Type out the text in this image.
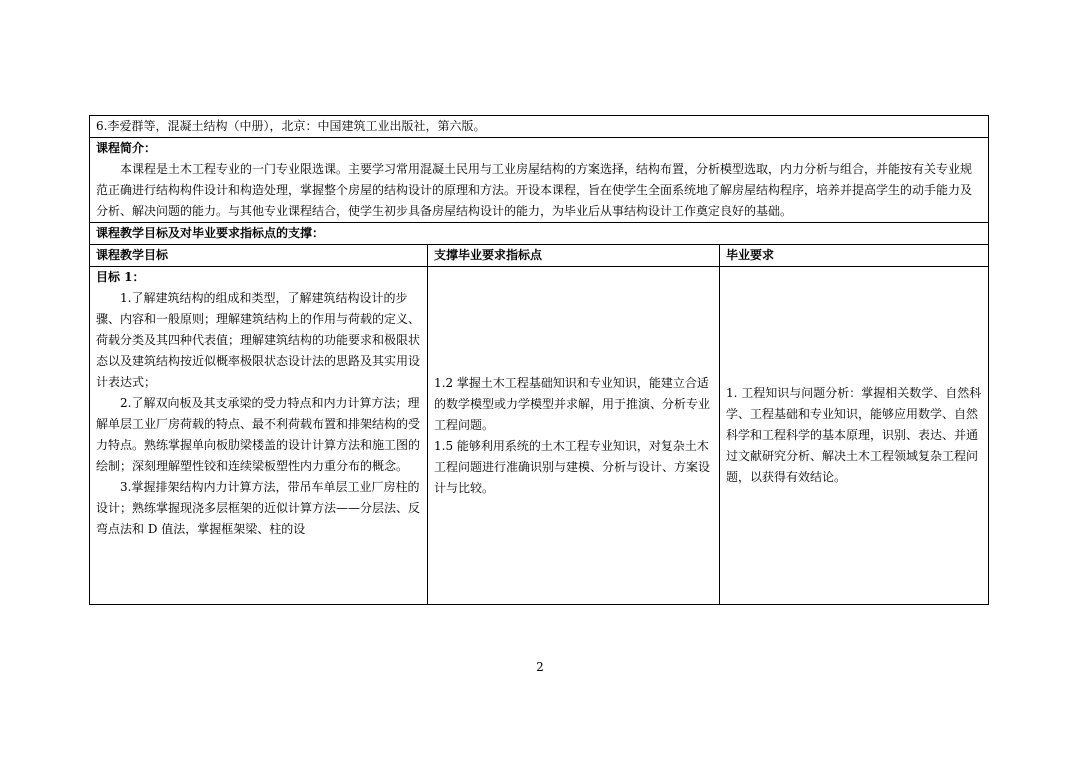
6.李爱群等，混凝土结构（中册），北京：中国建筑工业出版社，第六版。
课程简介：
本课程是土木工程专业的一门专业限选课。主要学习常用混凝土民用与工业房屋结构的方案选择，结构布置，分析模型选取，内力分析与组合，并能按有关专业规范正确进行结构构件设计和构造处理，掌握整个房屋的结构设计的原理和方法。开设本课程，旨在使学生全面系统地了解房屋结构程序，培养并提高学生的动手能力及分析、解决问题的能力。与其他专业课程结合，使学生初步具备房屋结构设计的能力，为毕业后从事结构设计工作奠定良好的基础。
课程教学目标及对毕业要求指标点的支撑：
课程教学目标	支撑毕业要求指标点	毕业要求

目标 1：

1.了解建筑结构的组成和类型，了解建筑结构设计的步骤、内容和一般原则；理解建筑结构上的作用与荷载的定义、荷载分类及其四种代表值；理解建筑结构的功能要求和极限状态以及建筑结构按近似概率极限状态设计法的思路及其实用设计表达式；

2.了解双向板及其支承梁的受力特点和内力计算方法；理解单层工业厂房荷载的特点、最不利荷载布置和排架结构的受力特点。熟练掌握单向板肋梁楼盖的设计计算方法和施工图的绘制；深刻理解塑性铰和连续梁板塑性内力重分布的概念。

3.掌握排架结构内力计算方法，带吊车单层工业厂房柱的设计；熟练掌握现浇多层框架的近似计算方法——分层法、反弯点法和 D 值法，掌握框架梁、柱的设

1.2 掌握土木工程基础知识和专业知识，能建立合适的数学模型或力学模型并求解，用于推演、分析专业工程问题。

1.5 能够利用系统的土木工程专业知识，对复杂土木工程问题进行准确识别与建模、分析与设计、方案设计与比较。

1. 工程知识与问题分析：掌握相关数学、自然科学、工程基础和专业知识，能够应用数学、自然科学和工程科学的基本原理，识别、表达、并通过文献研究分析、解决土木工程领域复杂工程问题，以获得有效结论。

2
